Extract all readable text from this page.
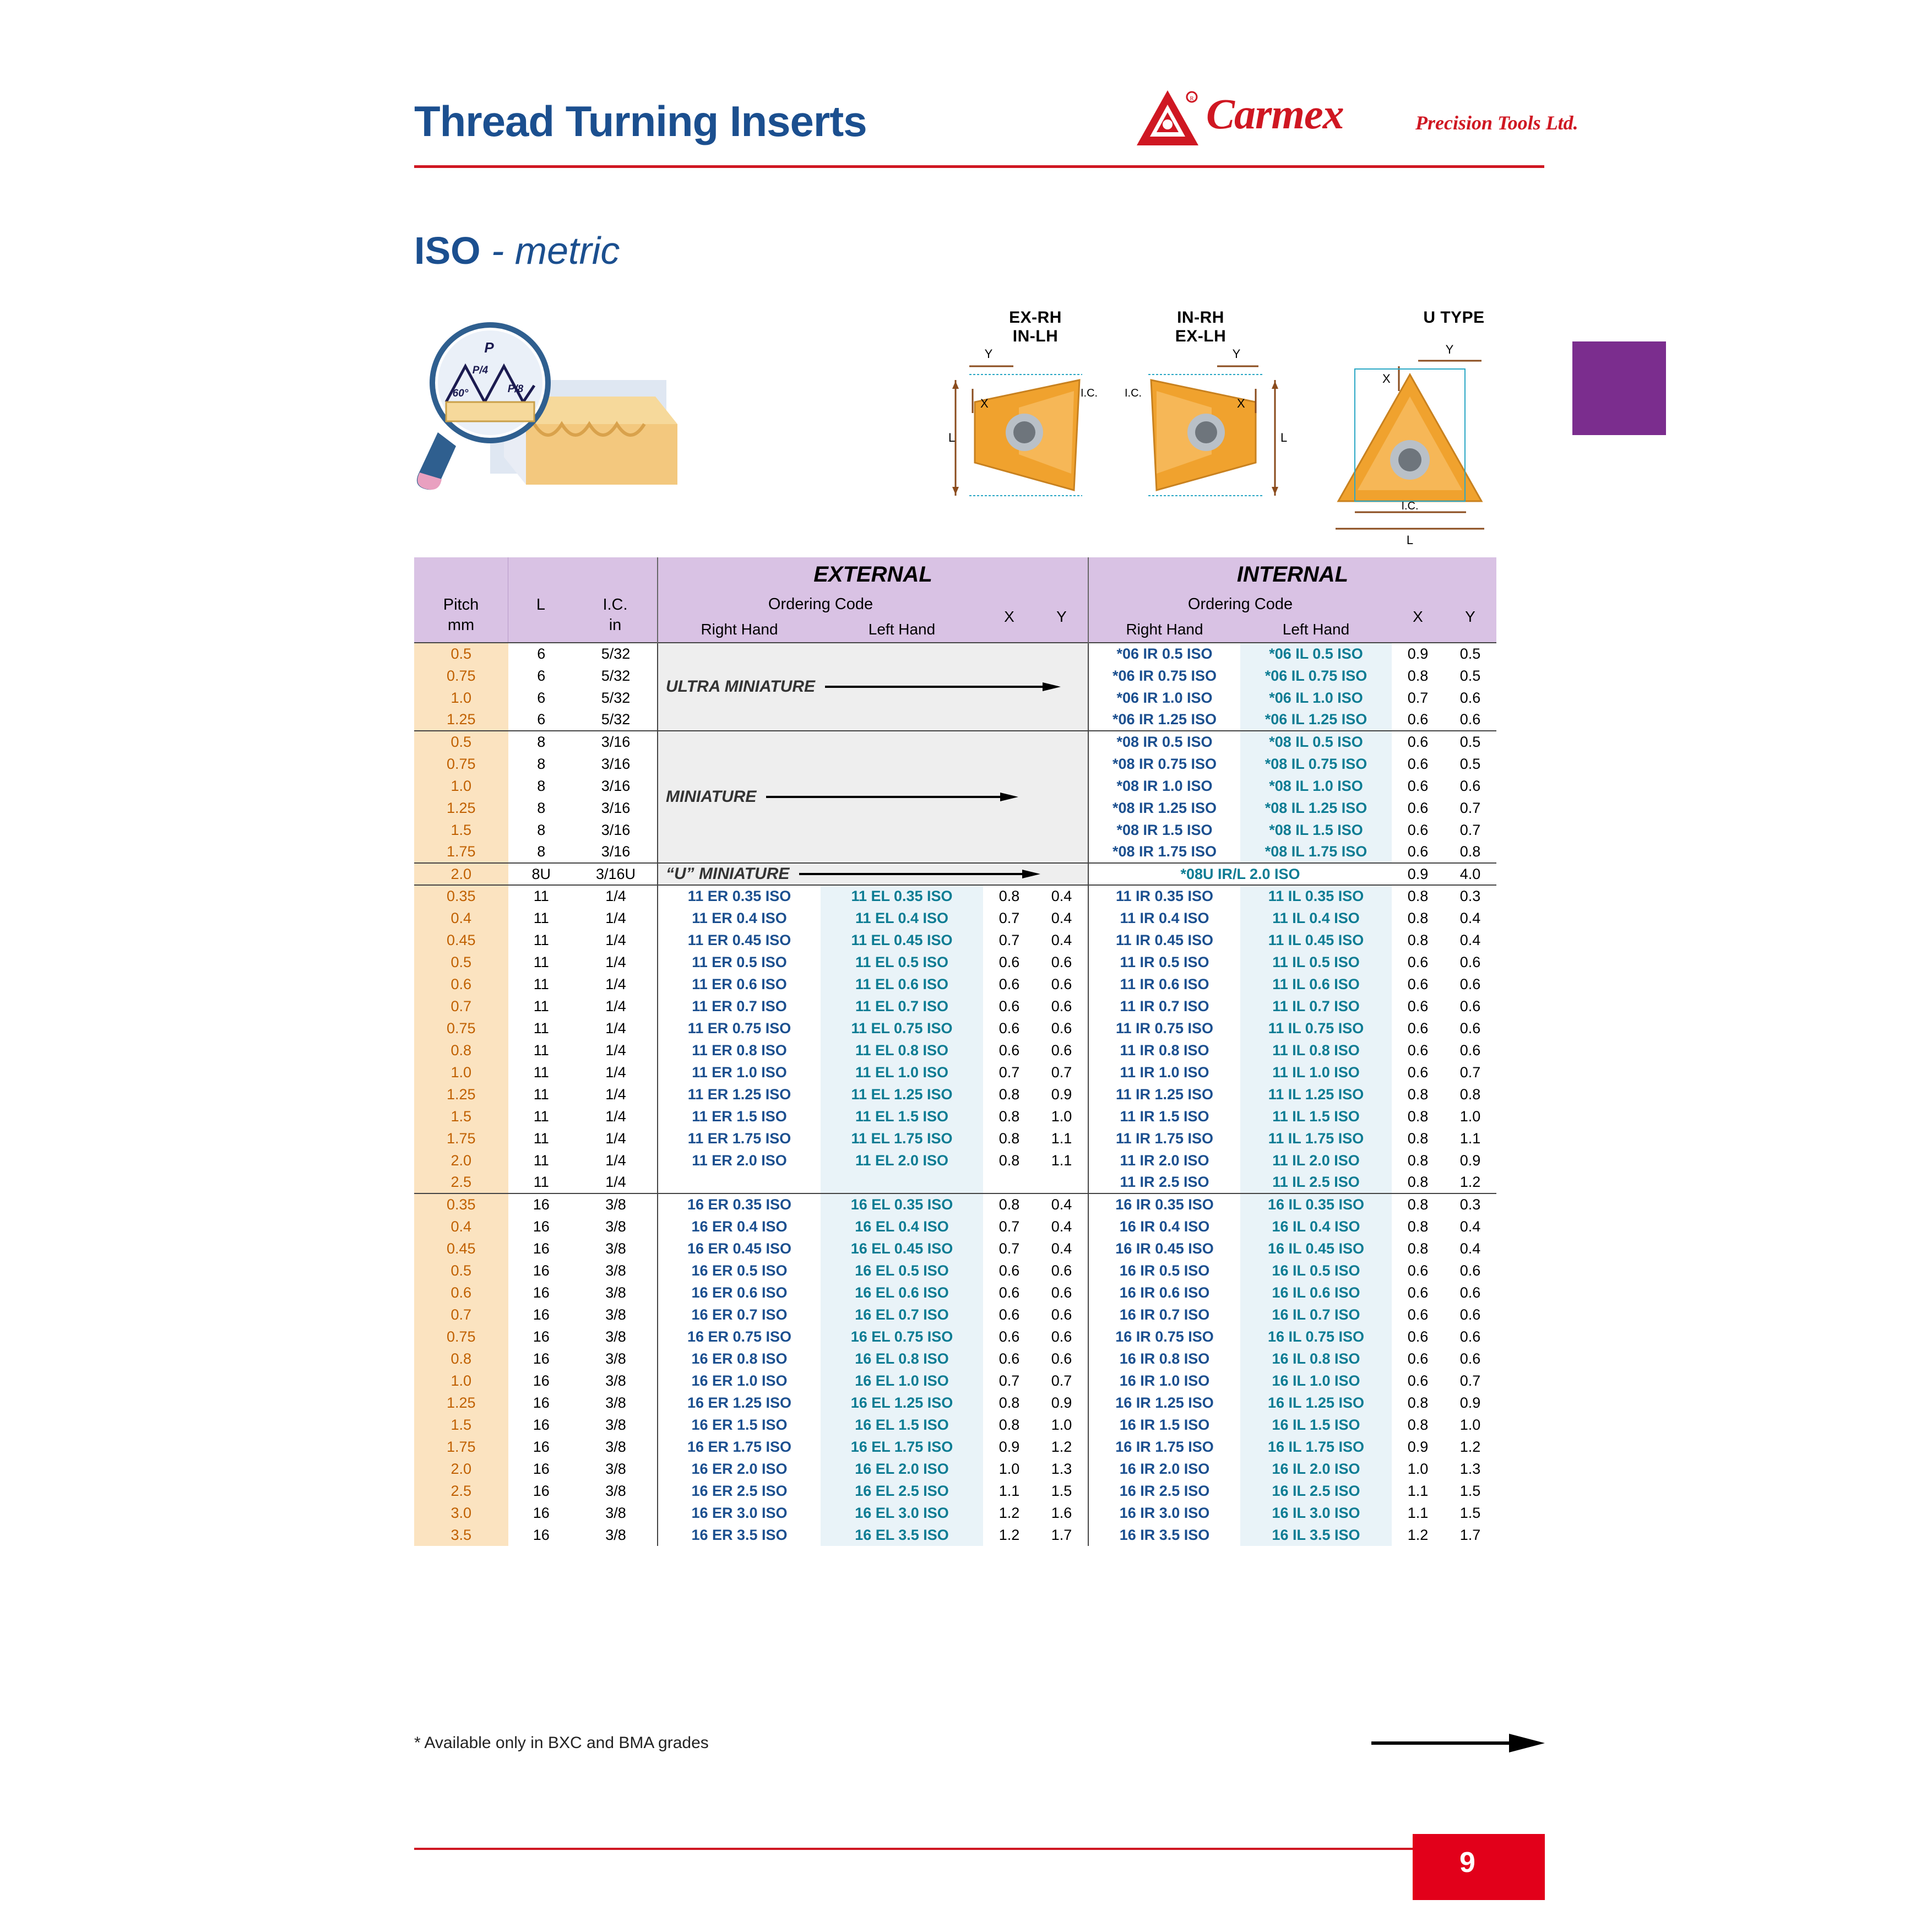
Thread Turning Inserts	R Carmex	Precision Tools Ltd.
ISO - metric
P
P/4
P/8
60°
EX-RH
IN-LH
IN-RH
EX-LH
U TYPE
L
Y
X
I.C.
L
Y
X
I.C.
Y
X
I.C.
L
			EXTERNAL				INTERNAL			
			Ordering Code		X	Y	Ordering Code		X	Y
			Right Hand	Left Hand			Right Hand	Left Hand		
0.5	6	5/32	ULTRA MINIATURE				*06 IR 0.5 ISO	*06 IL 0.5 ISO	0.9	0.5
0.75	6	5/32					*06 IR 0.75 ISO	*06 IL 0.75 ISO	0.8	0.5
1.0	6	5/32					*06 IR 1.0 ISO	*06 IL 1.0 ISO	0.7	0.6
1.25	6	5/32					*06 IR 1.25 ISO	*06 IL 1.25 ISO	0.6	0.6
0.5	8	3/16	MINIATURE				*08 IR 0.5 ISO	*08 IL 0.5 ISO	0.6	0.5
0.75	8	3/16					*08 IR 0.75 ISO	*08 IL 0.75 ISO	0.6	0.5
1.0	8	3/16					*08 IR 1.0 ISO	*08 IL 1.0 ISO	0.6	0.6
1.25	8	3/16					*08 IR 1.25 ISO	*08 IL 1.25 ISO	0.6	0.7
1.5	8	3/16					*08 IR 1.5 ISO	*08 IL 1.5 ISO	0.6	0.7
1.75	8	3/16					*08 IR 1.75 ISO	*08 IL 1.75 ISO	0.6	0.8
2.0	8U	3/16U	“U” MINIATURE				*08U IR/L 2.0 ISO		0.9	4.0
0.35	11	1/4	11 ER 0.35 ISO	11 EL 0.35 ISO	0.8	0.4	11 IR 0.35 ISO	11 IL 0.35 ISO	0.8	0.3
0.4	11	1/4	11 ER 0.4 ISO	11 EL 0.4 ISO	0.7	0.4	11 IR 0.4 ISO	11 IL 0.4 ISO	0.8	0.4
0.45	11	1/4	11 ER 0.45 ISO	11 EL 0.45 ISO	0.7	0.4	11 IR 0.45 ISO	11 IL 0.45 ISO	0.8	0.4
0.5	11	1/4	11 ER 0.5 ISO	11 EL 0.5 ISO	0.6	0.6	11 IR 0.5 ISO	11 IL 0.5 ISO	0.6	0.6
0.6	11	1/4	11 ER 0.6 ISO	11 EL 0.6 ISO	0.6	0.6	11 IR 0.6 ISO	11 IL 0.6 ISO	0.6	0.6
0.7	11	1/4	11 ER 0.7 ISO	11 EL 0.7 ISO	0.6	0.6	11 IR 0.7 ISO	11 IL 0.7 ISO	0.6	0.6
0.75	11	1/4	11 ER 0.75 ISO	11 EL 0.75 ISO	0.6	0.6	11 IR 0.75 ISO	11 IL 0.75 ISO	0.6	0.6
0.8	11	1/4	11 ER 0.8 ISO	11 EL 0.8 ISO	0.6	0.6	11 IR 0.8 ISO	11 IL 0.8 ISO	0.6	0.6
1.0	11	1/4	11 ER 1.0 ISO	11 EL 1.0 ISO	0.7	0.7	11 IR 1.0 ISO	11 IL 1.0 ISO	0.6	0.7
1.25	11	1/4	11 ER 1.25 ISO	11 EL 1.25 ISO	0.8	0.9	11 IR 1.25 ISO	11 IL 1.25 ISO	0.8	0.8
1.5	11	1/4	11 ER 1.5 ISO	11 EL 1.5 ISO	0.8	1.0	11 IR 1.5 ISO	11 IL 1.5 ISO	0.8	1.0
1.75	11	1/4	11 ER 1.75 ISO	11 EL 1.75 ISO	0.8	1.1	11 IR 1.75 ISO	11 IL 1.75 ISO	0.8	1.1
2.0	11	1/4	11 ER 2.0 ISO	11 EL 2.0 ISO	0.8	1.1	11 IR 2.0 ISO	11 IL 2.0 ISO	0.8	0.9
2.5	11	1/4					11 IR 2.5 ISO	11 IL 2.5 ISO	0.8	1.2
0.35	16	3/8	16 ER 0.35 ISO	16 EL 0.35 ISO	0.8	0.4	16 IR 0.35 ISO	16 IL 0.35 ISO	0.8	0.3
0.4	16	3/8	16 ER 0.4 ISO	16 EL 0.4 ISO	0.7	0.4	16 IR 0.4 ISO	16 IL 0.4 ISO	0.8	0.4
0.45	16	3/8	16 ER 0.45 ISO	16 EL 0.45 ISO	0.7	0.4	16 IR 0.45 ISO	16 IL 0.45 ISO	0.8	0.4
0.5	16	3/8	16 ER 0.5 ISO	16 EL 0.5 ISO	0.6	0.6	16 IR 0.5 ISO	16 IL 0.5 ISO	0.6	0.6
0.6	16	3/8	16 ER 0.6 ISO	16 EL 0.6 ISO	0.6	0.6	16 IR 0.6 ISO	16 IL 0.6 ISO	0.6	0.6
0.7	16	3/8	16 ER 0.7 ISO	16 EL 0.7 ISO	0.6	0.6	16 IR 0.7 ISO	16 IL 0.7 ISO	0.6	0.6
0.75	16	3/8	16 ER 0.75 ISO	16 EL 0.75 ISO	0.6	0.6	16 IR 0.75 ISO	16 IL 0.75 ISO	0.6	0.6
0.8	16	3/8	16 ER 0.8 ISO	16 EL 0.8 ISO	0.6	0.6	16 IR 0.8 ISO	16 IL 0.8 ISO	0.6	0.6
1.0	16	3/8	16 ER 1.0 ISO	16 EL 1.0 ISO	0.7	0.7	16 IR 1.0 ISO	16 IL 1.0 ISO	0.6	0.7
1.25	16	3/8	16 ER 1.25 ISO	16 EL 1.25 ISO	0.8	0.9	16 IR 1.25 ISO	16 IL 1.25 ISO	0.8	0.9
1.5	16	3/8	16 ER 1.5 ISO	16 EL 1.5 ISO	0.8	1.0	16 IR 1.5 ISO	16 IL 1.5 ISO	0.8	1.0
1.75	16	3/8	16 ER 1.75 ISO	16 EL 1.75 ISO	0.9	1.2	16 IR 1.75 ISO	16 IL 1.75 ISO	0.9	1.2
2.0	16	3/8	16 ER 2.0 ISO	16 EL 2.0 ISO	1.0	1.3	16 IR 2.0 ISO	16 IL 2.0 ISO	1.0	1.3
2.5	16	3/8	16 ER 2.5 ISO	16 EL 2.5 ISO	1.1	1.5	16 IR 2.5 ISO	16 IL 2.5 ISO	1.1	1.5
3.0	16	3/8	16 ER 3.0 ISO	16 EL 3.0 ISO	1.2	1.6	16 IR 3.0 ISO	16 IL 3.0 ISO	1.1	1.5
3.5	16	3/8	16 ER 3.5 ISO	16 EL 3.5 ISO	1.2	1.7	16 IR 3.5 ISO	16 IL 3.5 ISO	1.2	1.7
Pitch	L	I.C.
mm	in
* Available only in BXC and BMA grades
9
